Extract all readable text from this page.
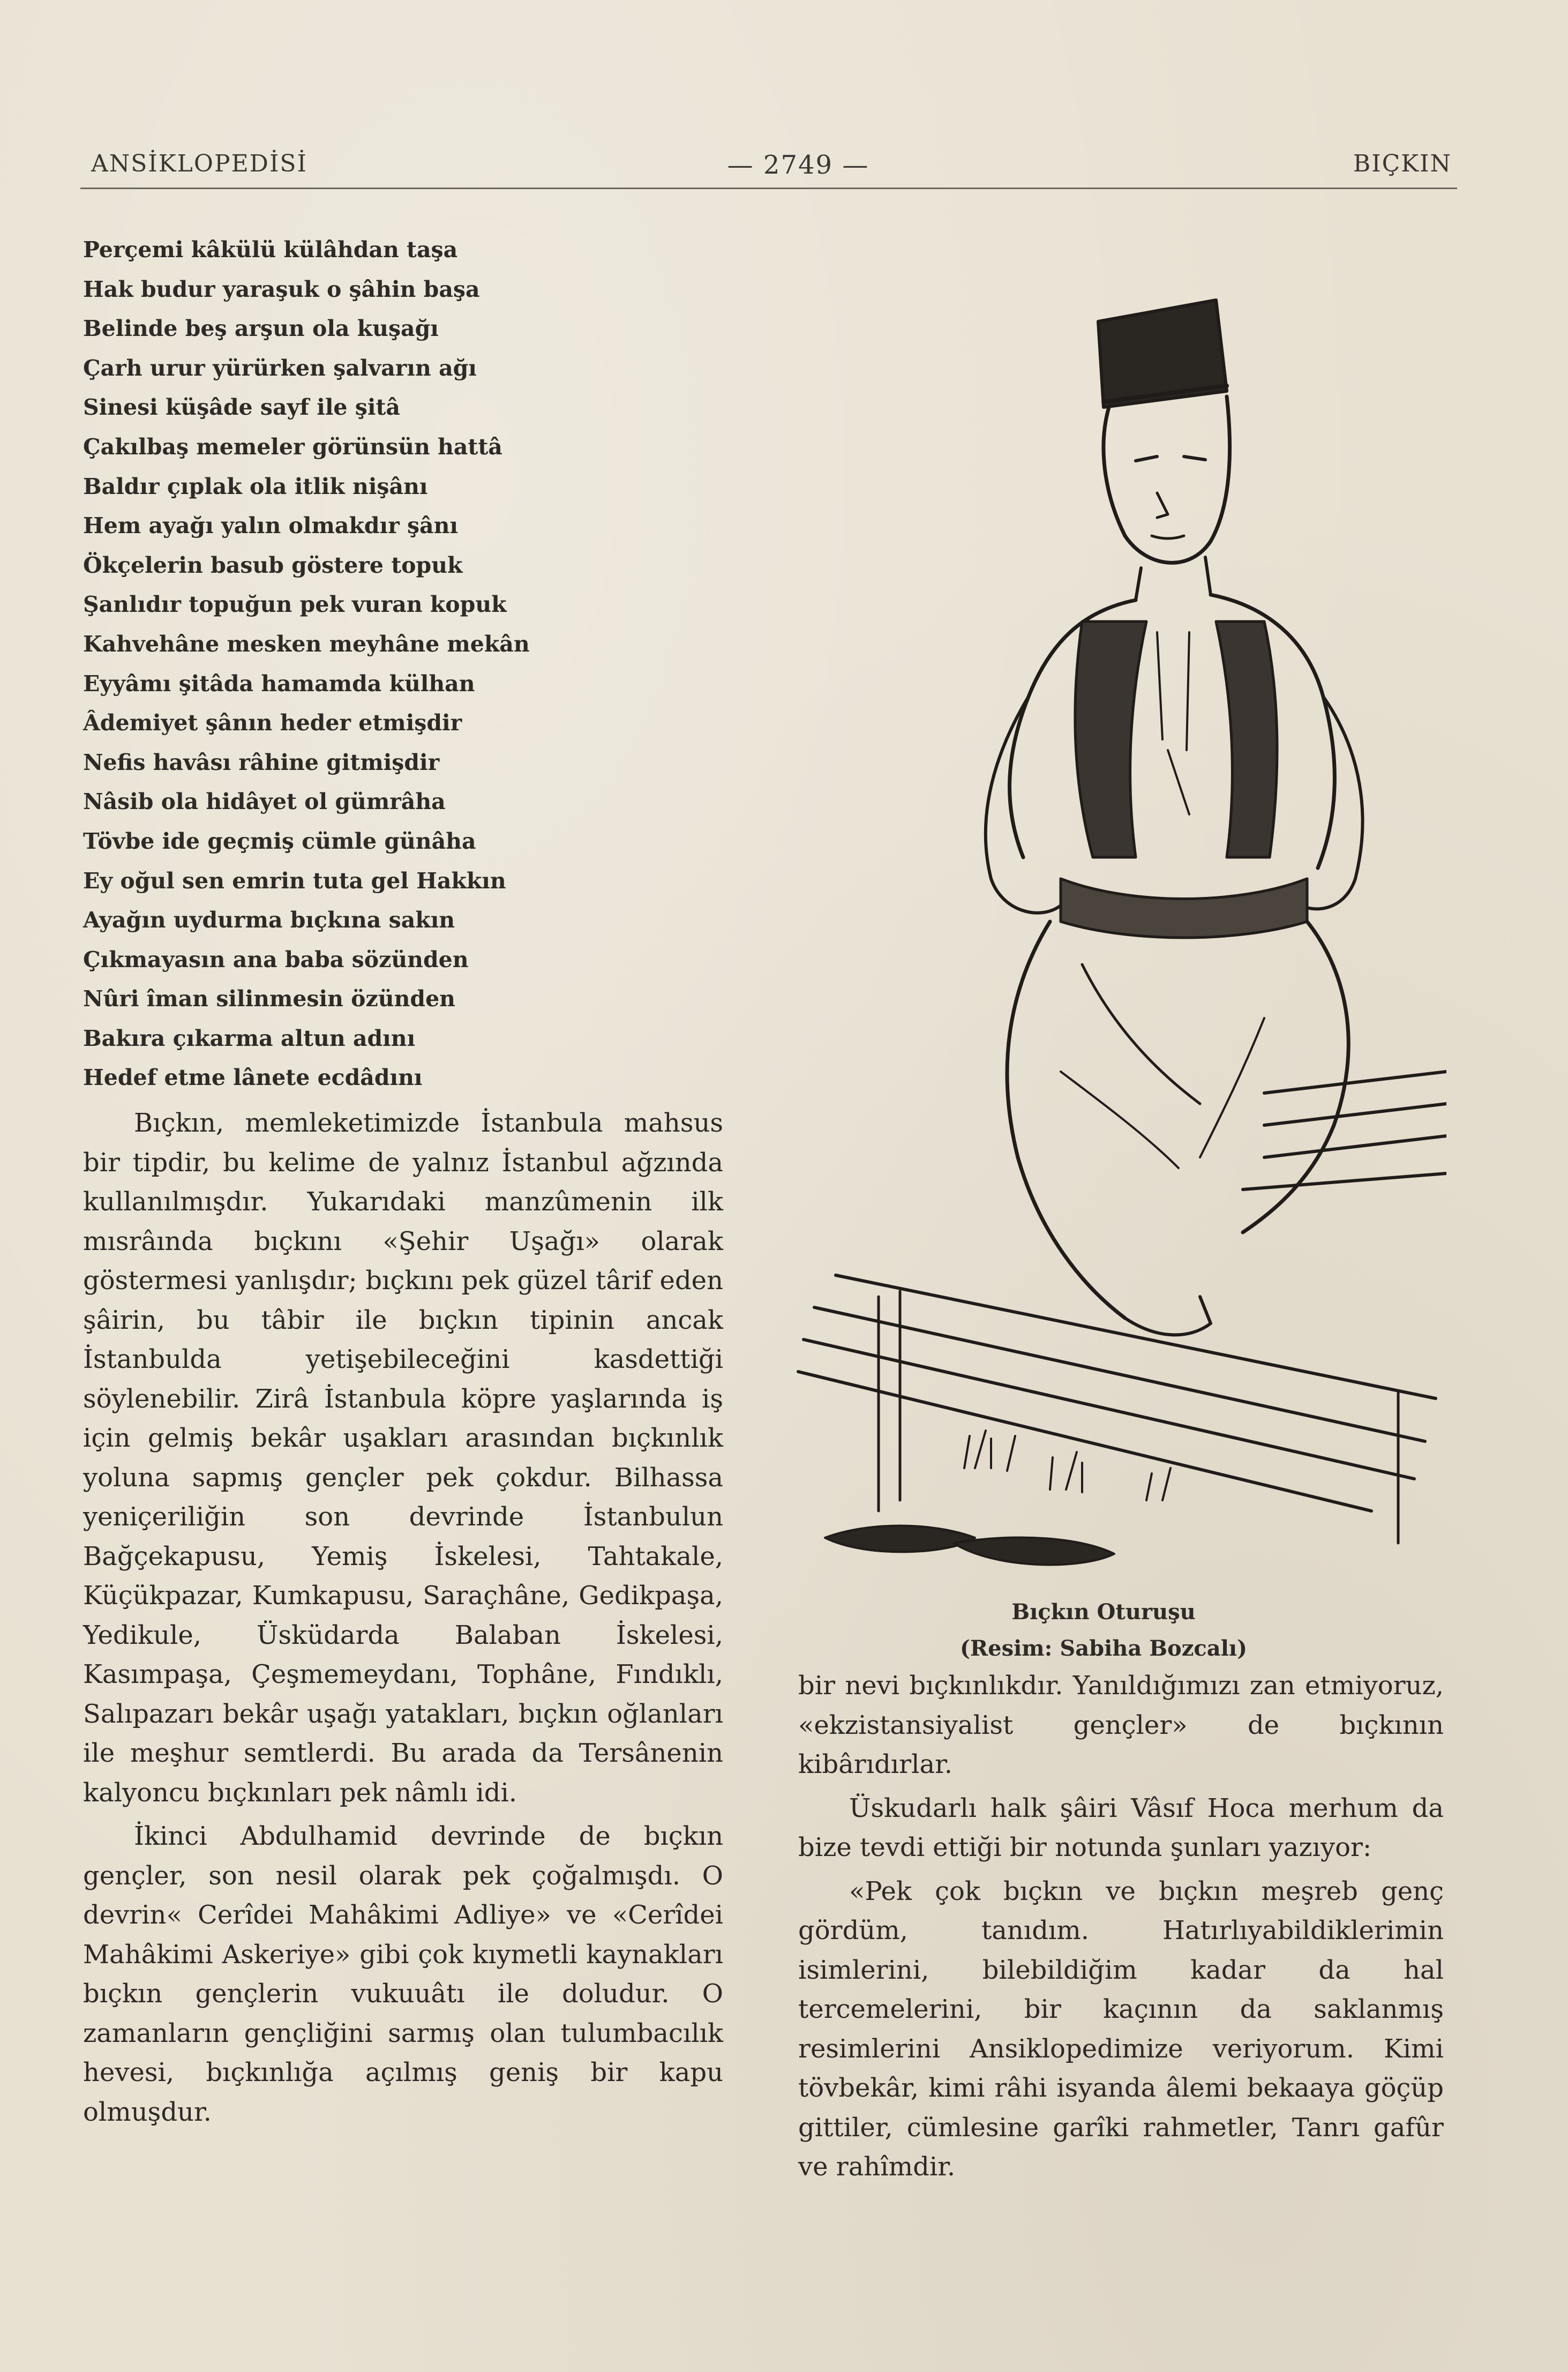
ANSİKLOPEDİSİ	— 2749 —	BIÇKIN
Perçemi kâkülü külâhdan taşa
Hak budur yaraşuk o şâhin başa
Belinde beş arşun ola kuşağı
Çarh urur yürürken şalvarın ağı
Sinesi küşâde sayf ile şitâ
Çakılbaş memeler görünsün hattâ
Baldır çıplak ola itlik nişânı
Hem ayağı yalın olmakdır şânı
Ökçelerin basub göstere topuk
Şanlıdır topuğun pek vuran kopuk
Kahvehâne mesken meyhâne mekân
Eyyâmı şitâda hamamda külhan
Âdemiyet şânın heder etmişdir
Nefis havâsı râhine gitmişdir
Nâsib ola hidâyet ol gümrâha
Tövbe ide geçmiş cümle günâha
Ey oğul sen emrin tuta gel Hakkın
Ayağın uydurma bıçkına sakın
Çıkmayasın ana baba sözünden
Nûri îman silinmesin özünden
Bakıra çıkarma altun adını
Hedef etme lânete ecdâdını

Bıçkın, memleketimizde İstanbula mahsus bir tipdir, bu kelime de yalnız İstanbul ağzında kullanılmışdır. Yukarıdaki manzûmenin ilk mısrâında bıçkını «Şehir Uşağı» olarak göstermesi yanlışdır; bıçkını pek güzel târif eden şâirin, bu tâbir ile bıçkın tipinin ancak İstanbulda yetişebileceğini kasdettiği söylenebilir. Zirâ İstanbula köpre yaşlarında iş için gelmiş bekâr uşakları arasından bıçkınlık yoluna sapmış gençler pek çokdur. Bilhassa yeniçeriliğin son devrinde İstanbulun Bağçekapusu, Yemiş İskelesi, Tahtakale, Küçükpazar, Kumkapusu, Saraçhâne, Gedikpaşa, Yedikule, Üsküdarda Balaban İskelesi, Kasımpaşa, Çeşmemeydanı, Tophâne, Fındıklı, Salıpazarı bekâr uşağı yatakları, bıçkın oğlanları ile meşhur semtlerdi. Bu arada da Tersânenin kalyoncu bıçkınları pek nâmlı idi.

İkinci Abdulhamid devrinde de bıçkın gençler, son nesil olarak pek çoğalmışdı. O devrin« Cerîdei Mahâkimi Adliye» ve «Cerîdei Mahâkimi Askeriye» gibi çok kıymetli kaynakları bıçkın gençlerin vukuuâtı ile doludur. O zamanların gençliğini sarmış olan tulumbacılık hevesi, bıçkınlığa açılmış geniş bir kapu olmuşdur.

Bıçkın Oturuşu
(Resim: Sabiha Bozcalı)

bir nevi bıçkınlıkdır. Yanıldığımızı zan etmiyoruz, «ekzistansiyalist gençler» de bıçkının kibârıdırlar.

Üskudarlı halk şâiri Vâsıf Hoca merhum da bize tevdi ettiği bir notunda şunları yazıyor:

«Pek çok bıçkın ve bıçkın meşreb genç gördüm, tanıdım. Hatırlıyabildiklerimin isimlerini, bilebildiğim kadar da hal tercemelerini, bir kaçının da saklanmış resimlerini Ansiklopedimize veriyorum. Kimi tövbekâr, kimi râhi isyanda âlemi bekaaya göçüp gittiler, cümlesine garîki rahmetler, Tanrı gafûr ve rahîmdir.
